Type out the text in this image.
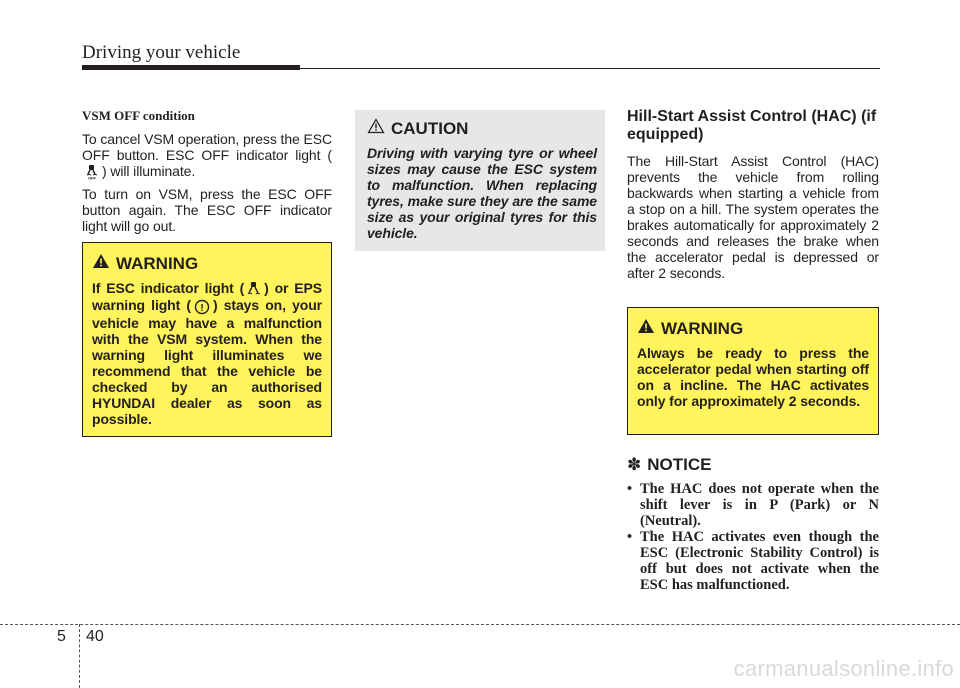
Driving your vehicle
VSM OFF condition

To cancel VSM operation, press the ESC OFF button. ESC OFF indicator light (
OFF ) will illuminate.

To turn on VSM, press the ESC OFF button again. The ESC OFF indicator light will go out.

WARNING

If ESC indicator light ( ) or EPS warning light ( ! ) stays on, your vehicle may have a malfunction with the VSM system. When the warning light illuminates we recommend that the vehicle be checked by an authorised HYUNDAI dealer as soon as possible.

CAUTION

Driving with varying tyre or wheel sizes may cause the ESC system to malfunction. When replacing tyres, make sure they are the same size as your original tyres for this vehicle.

Hill-Start Assist Control (HAC) (if equipped)

The Hill-Start Assist Control (HAC) prevents the vehicle from rolling backwards when starting a vehicle from a stop on a hill. The system operates the brakes automatically for approximately 2 seconds and releases the brake when the accelerator pedal is depressed or after 2 seconds.

WARNING

Always be ready to press the accelerator pedal when starting off on a incline. The HAC activates only for approximately 2 seconds.

✽ NOTICE
• The HAC does not operate when the shift lever is in P (Park) or N (Neutral).
• The HAC activates even though the ESC (Electronic Stability Control) is off but does not activate when the ESC has malfunctioned.
5 40
carmanualsonline.info
